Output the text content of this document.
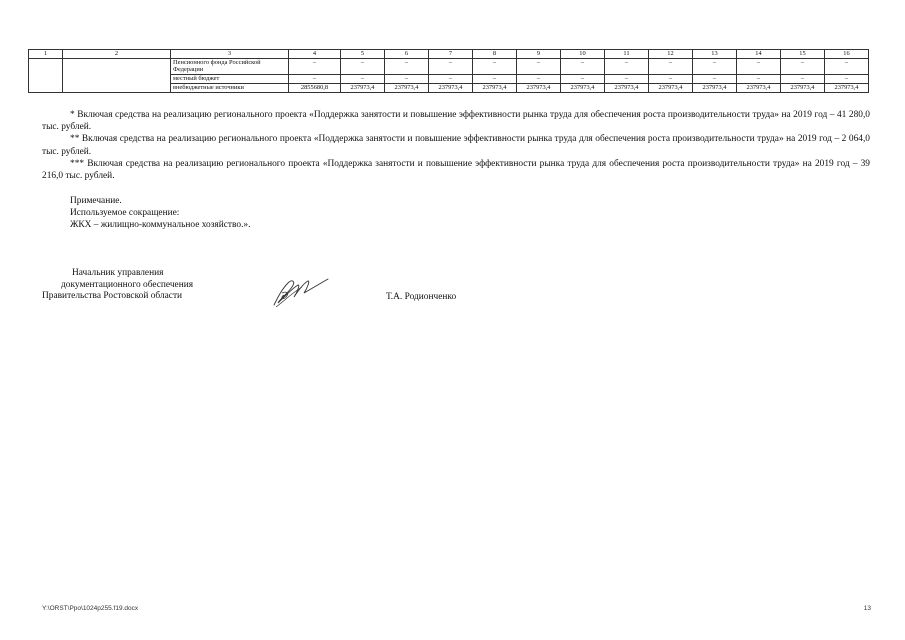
1	2	3	4	5	6	7	8	9	10	11	12	13	14	15	16
		Пенсионного фонда Российской Федерации	–	–	–	–	–	–	–	–	–	–	–	–	–
		местный бюджет	–	–	–	–	–	–	–	–	–	–	–	–	–
		внебюджетные источники	2855680,8	237973,4	237973,4	237973,4	237973,4	237973,4	237973,4	237973,4	237973,4	237973,4	237973,4	237973,4	237973,4

* Включая средства на реализацию регионального проекта «Поддержка занятости и повышение эффективности рынка труда для обеспечения роста производительности труда» на 2019 год – 41 280,0 тыс. рублей.

** Включая средства на реализацию регионального проекта «Поддержка занятости и повышение эффективности рынка труда для обеспечения роста производительности труда» на 2019 год – 2 064,0 тыс. рублей.

*** Включая средства на реализацию регионального проекта «Поддержка занятости и повышение эффективности рынка труда для обеспечения роста производительности труда» на 2019 год – 39 216,0 тыс. рублей.

Примечание.
Используемое сокращение:
ЖКХ – жилищно-коммунальное хозяйство.».
Начальник управления
документационного обеспечения
Правительства Ростовской области	Т.А. Родионченко
Y:\ORST\Ppo\1024p255.f19.docx	13
